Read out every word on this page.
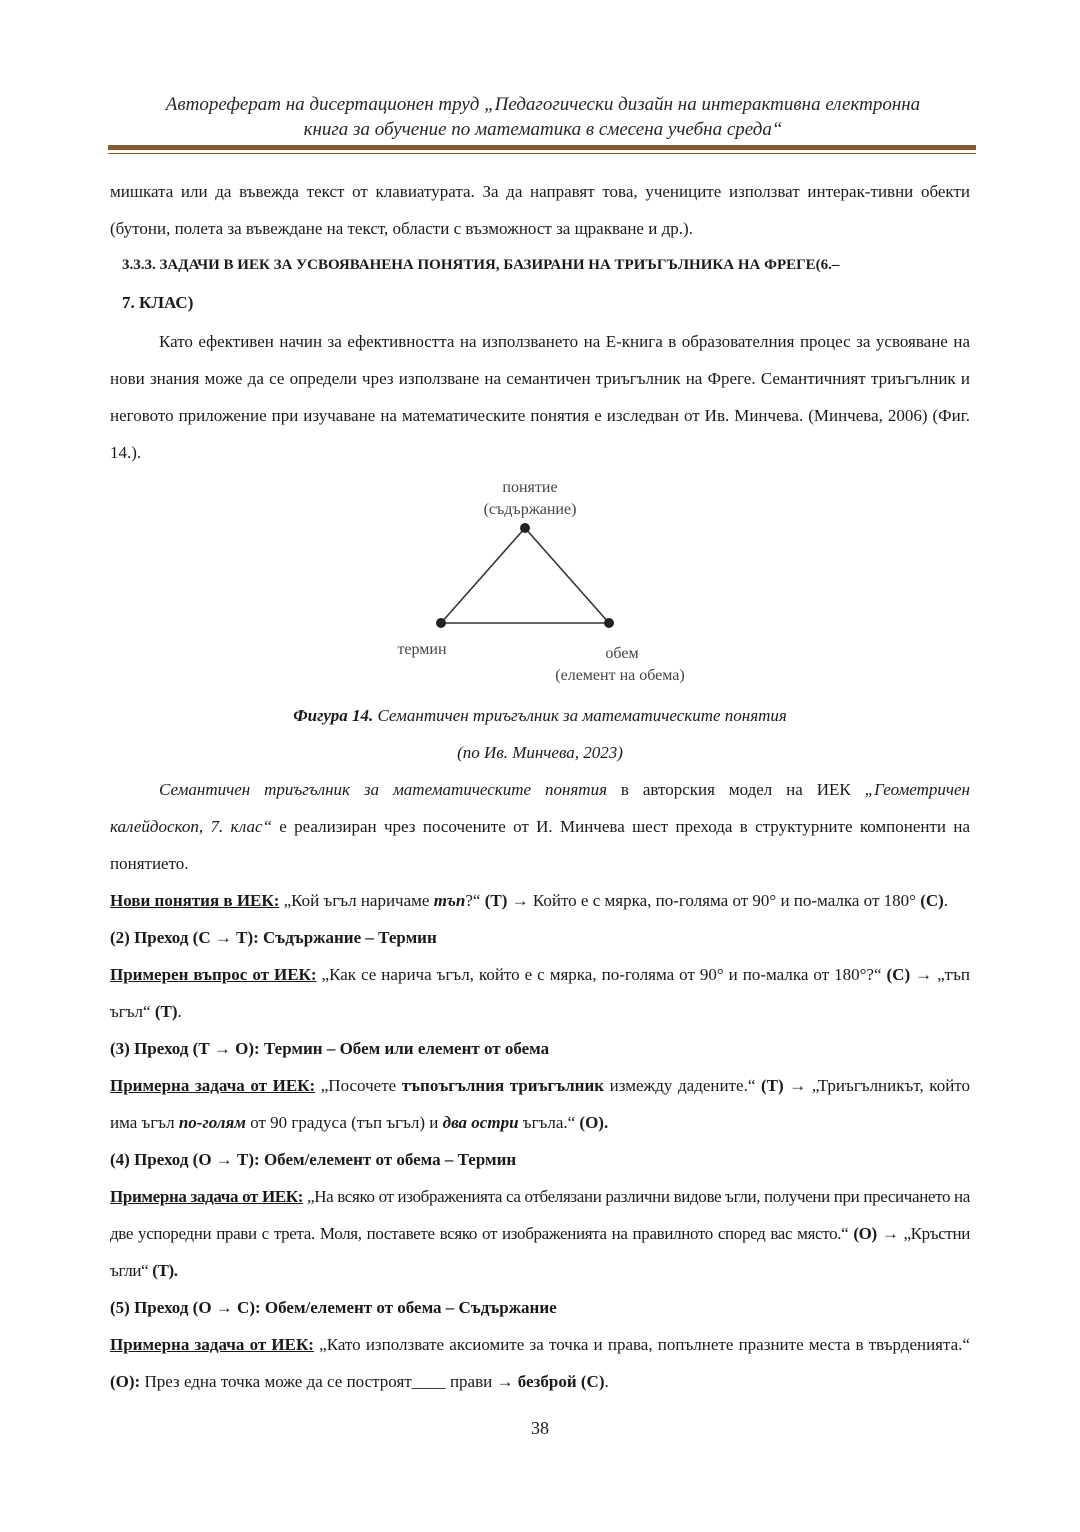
Автореферат на дисертационен труд „Педагогически дизайн на интерактивна електронна
книга за обучение по математика в смесена учебна среда“

мишката или да въвежда текст от клавиатурата. За да направят това, учениците използват интерак-тивни обекти (бутони, полета за въвеждане на текст, области с възможност за щракване и др.).

3.3.3. ЗАДАЧИ В ИЕК ЗА УСВОЯВАНЕНА ПОНЯТИЯ, БАЗИРАНИ НА ТРИЪГЪЛНИКА НА ФРЕГЕ(6.–
7. КЛАС)

Като ефективен начин за ефективността на използването на Е-книга в образователния процес за усвояване на нови знания може да се определи чрез използване на семантичен триъгълник на Фреге. Семантичният триъгълник и неговото приложение при изучаване на математическите понятия е изследван от Ив. Минчева. (Минчева, 2006) (Фиг. 14.).

понятие
(съдържание)
термин	обем
(елемент на обема)

Фигура 14. Семантичен триъгълник за математическите понятия

(по Ив. Минчева, 2023)

Семантичен триъгълник за математическите понятия в авторския модел на ИЕК „Геометричен калейдоскоп, 7. клас“ е реализиран чрез посочените от И. Минчева шест прехода в структурните компоненти на понятието.

Нови понятия в ИЕК: „Кой ъгъл наричаме тъп?“ (Т) → Който е с мярка, по-голяма от 90° и по-малка от 180° (С).

(2) Преход (С → Т): Съдържание – Термин

Примерен въпрос от ИЕК: „Как се нарича ъгъл, който е с мярка, по-голяма от 90° и по-малка от 180°?“ (С) → „тъп ъгъл“ (Т).

(3) Преход (Т → О): Термин – Обем или елемент от обема

Примерна задача от ИЕК: „Посочете тъпоъгълния триъгълник измежду дадените.“ (Т) → „Триъгълникът, който има ъгъл по-голям от 90 градуса (тъп ъгъл) и два остри ъгъла.“ (О).

(4) Преход (О → Т): Обем/елемент от обема – Термин

Примерна задача от ИЕК: „На всяко от изображенията са отбелязани различни видове ъгли, получени при пресичането на две успоредни прави с трета. Моля, поставете всяко от изображенията на правилното според вас място.“ (О) → „Кръстни ъгли“ (Т).

(5) Преход (О → С): Обем/елемент от обема – Съдържание

Примерна задача от ИЕК: „Като използвате аксиомите за точка и права, попълнете празните места в твърденията.“ (О): През една точка може да се построят____ прави → безброй (С).

38
